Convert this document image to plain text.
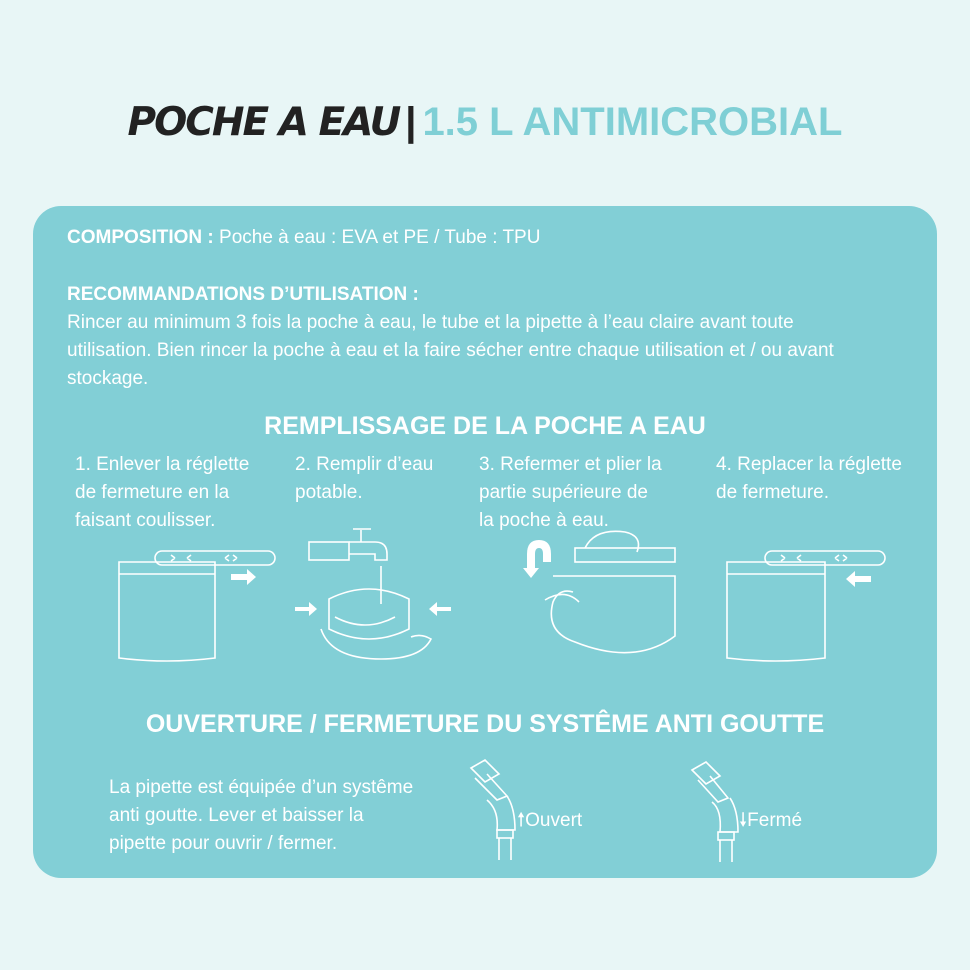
POCHE A EAU | 1.5 L ANTIMICROBIAL
COMPOSITION : Poche à eau : EVA et PE / Tube : TPU
RECOMMANDATIONS D’UTILISATION :
Rincer au minimum 3 fois la poche à eau, le tube et la pipette à l’eau claire avant toute
utilisation. Bien rincer la poche à eau et la faire sécher entre chaque utilisation et / ou avant
stockage.
REMPLISSAGE DE LA POCHE A EAU
1. Enlever la réglette
de fermeture en la
faisant coulisser.
2. Remplir d’eau
potable.
3. Refermer et plier la
partie supérieure de
la poche à eau.
4. Replacer la réglette
de fermeture.
OUVERTURE / FERMETURE DU SYSTÊME ANTI GOUTTE
La pipette est équipée d’un systême
anti goutte. Lever et baisser la
pipette pour ouvrir / fermer.
🠕Ouvert	🠗Fermé
